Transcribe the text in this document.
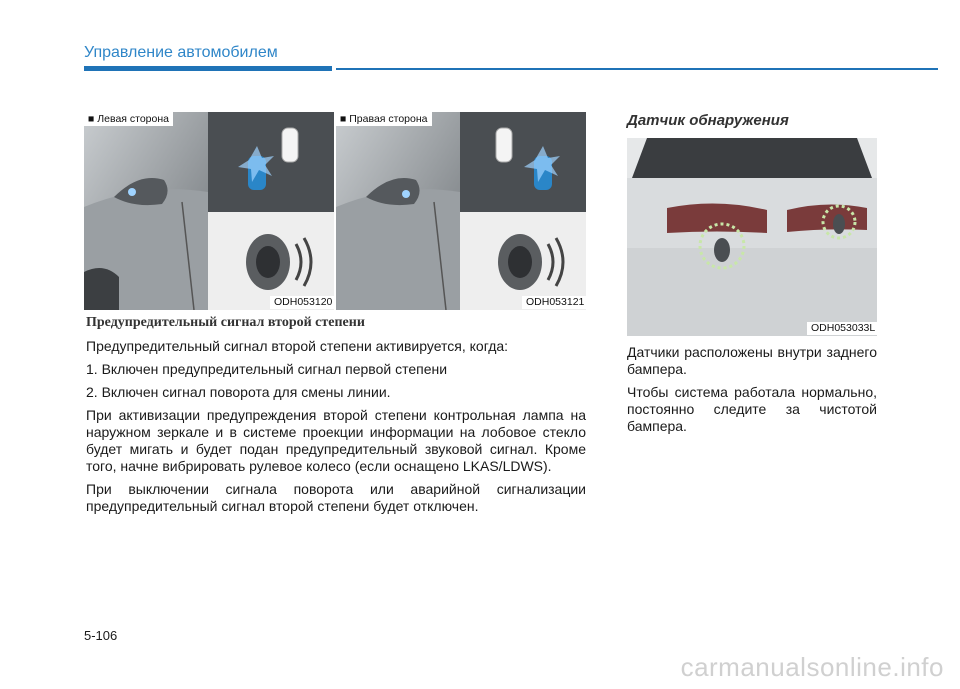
Управление автомобилем
■ Левая сторона
ODH053120
■ Правая сторона
ODH053121
Предупредительный сигнал второй степени

Предупредительный сигнал второй степени активируется, когда:

1. Включен предупредительный сигнал первой степени

2. Включен сигнал поворота для смены линии.

При активизации предупреждения второй степени контрольная лампа на наружном зеркале и в системе проекции информации на лобовое стекло будет мигать и будет подан предупредительный звуковой сигнал. Кроме того, начне вибрировать рулевое колесо (если оснащено LKAS/LDWS).

При выключении сигнала поворота или аварийной сигнализации предупредительный сигнал второй степени будет отключен.

Датчик обнаружения
ODH053033L

Датчики расположены внутри заднего бампера.

Чтобы система работала нормально, постоянно следите за чистотой бампера.

5-106
carmanualsonline.info
